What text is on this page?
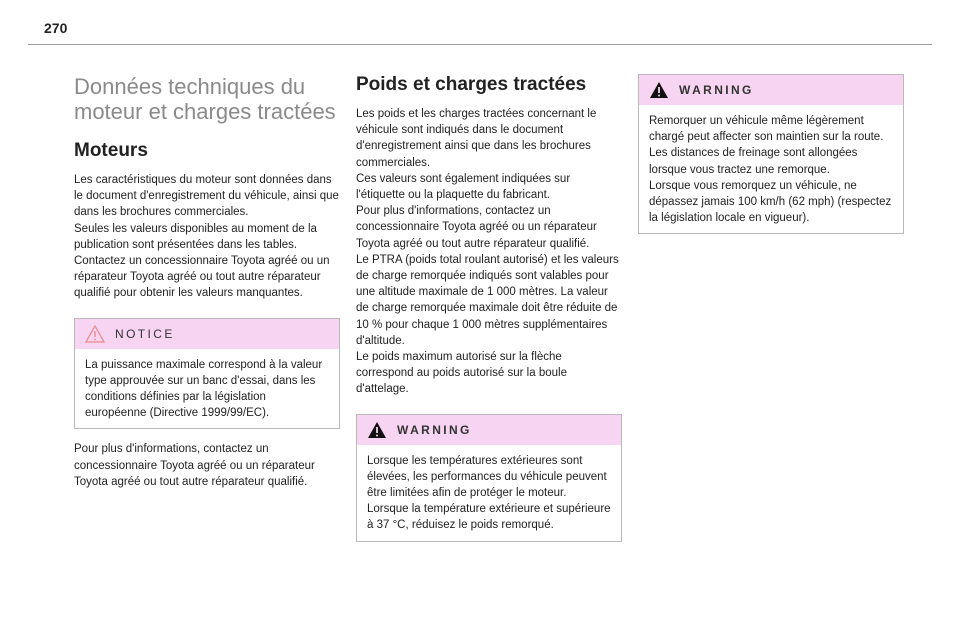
270
Données techniques du moteur et charges tractées
Moteurs

Les caractéristiques du moteur sont données dans le document d'enregistrement du véhicule, ainsi que dans les brochures commerciales.

Seules les valeurs disponibles au moment de la publication sont présentées dans les tables.

Contactez un concessionnaire Toyota agréé ou un réparateur Toyota agréé ou tout autre réparateur qualifié pour obtenir les valeurs manquantes.

NOTICE
La puissance maximale correspond à la valeur type approuvée sur un banc d'essai, dans les conditions définies par la législation européenne (Directive 1999/99/EC).

Pour plus d'informations, contactez un concessionnaire Toyota agréé ou un réparateur Toyota agréé ou tout autre réparateur qualifié.

Poids et charges tractées

Les poids et les charges tractées concernant le véhicule sont indiqués dans le document d'enregistrement ainsi que dans les brochures commerciales.

Ces valeurs sont également indiquées sur l'étiquette ou la plaquette du fabricant.

Pour plus d'informations, contactez un concessionnaire Toyota agréé ou un réparateur Toyota agréé ou tout autre réparateur qualifié.

Le PTRA (poids total roulant autorisé) et les valeurs de charge remorquée indiqués sont valables pour une altitude maximale de 1 000 mètres. La valeur de charge remorquée maximale doit être réduite de 10 % pour chaque 1 000 mètres supplémentaires d'altitude.

Le poids maximum autorisé sur la flèche correspond au poids autorisé sur la boule d'attelage.

WARNING
Lorsque les températures extérieures sont élevées, les performances du véhicule peuvent être limitées afin de protéger le moteur. Lorsque la température extérieure et supérieure à 37 °C, réduisez le poids remorqué.
WARNING
Remorquer un véhicule même légèrement chargé peut affecter son maintien sur la route.
Les distances de freinage sont allongées lorsque vous tractez une remorque.
Lorsque vous remorquez un véhicule, ne dépassez jamais 100 km/h (62 mph) (respectez la législation locale en vigueur).
